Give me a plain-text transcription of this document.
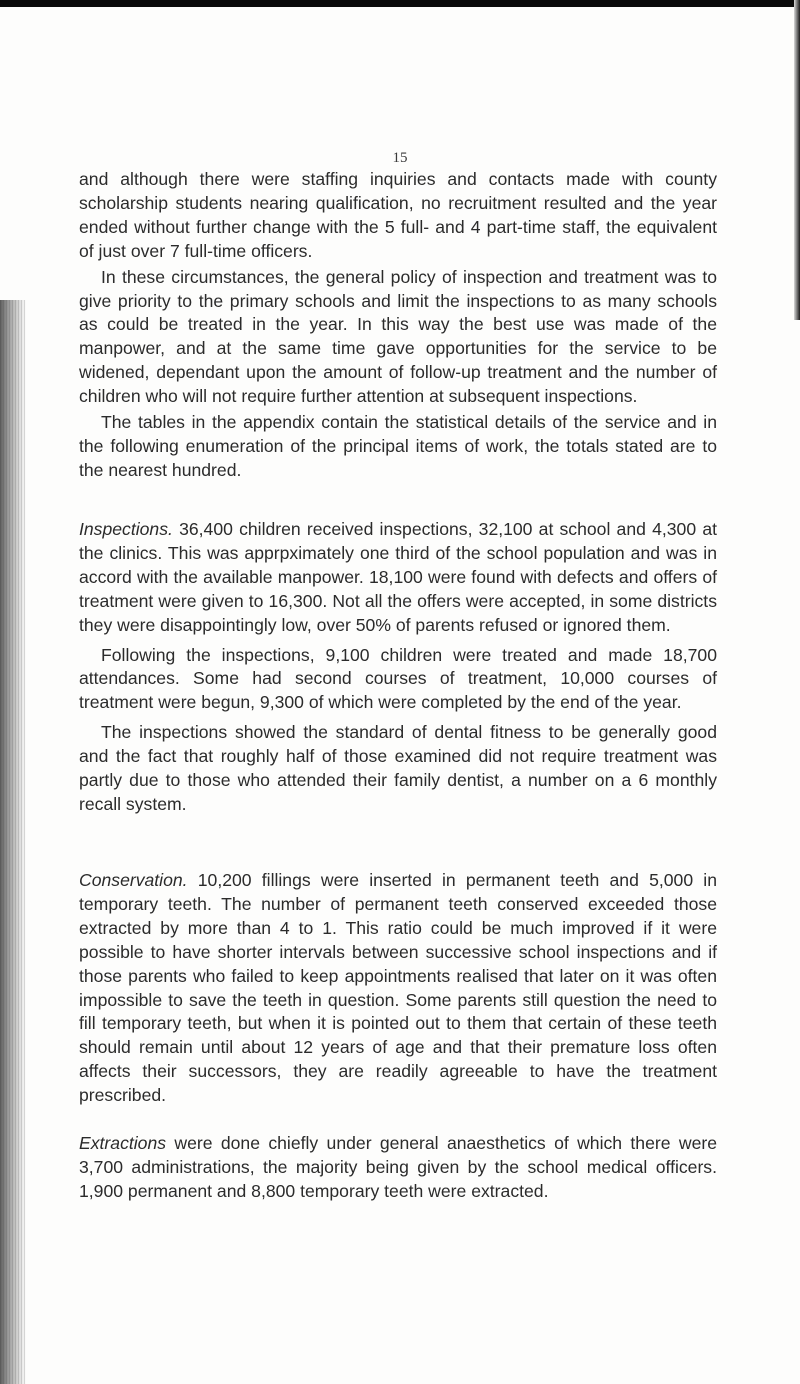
15

and although there were staffing inquiries and contacts made with county scholarship students nearing qualification, no recruitment resulted and the year ended without further change with the 5 full- and 4 part-time staff, the equivalent of just over 7 full-time officers.

In these circumstances, the general policy of inspection and treatment was to give priority to the primary schools and limit the inspections to as many schools as could be treated in the year. In this way the best use was made of the manpower, and at the same time gave opportunities for the service to be widened, dependant upon the amount of follow-up treatment and the number of children who will not require further attention at subsequent inspections.

The tables in the appendix contain the statistical details of the service and in the following enumeration of the principal items of work, the totals stated are to the nearest hundred.

Inspections. 36,400 children received inspections, 32,100 at school and 4,300 at the clinics. This was apprpximately one third of the school population and was in accord with the available manpower. 18,100 were found with defects and offers of treatment were given to 16,300. Not all the offers were accepted, in some districts they were disappointingly low, over 50% of parents refused or ignored them.

Following the inspections, 9,100 children were treated and made 18,700 attendances. Some had second courses of treatment, 10,000 courses of treatment were begun, 9,300 of which were completed by the end of the year.

The inspections showed the standard of dental fitness to be generally good and the fact that roughly half of those examined did not require treatment was partly due to those who attended their family dentist, a number on a 6 monthly recall system.

Conservation. 10,200 fillings were inserted in permanent teeth and 5,000 in temporary teeth. The number of permanent teeth conserved exceeded those extracted by more than 4 to 1. This ratio could be much improved if it were possible to have shorter intervals between successive school inspections and if those parents who failed to keep appointments realised that later on it was often impossible to save the teeth in question. Some parents still question the need to fill temporary teeth, but when it is pointed out to them that certain of these teeth should remain until about 12 years of age and that their premature loss often affects their successors, they are readily agreeable to have the treatment prescribed.

Extractions were done chiefly under general anaesthetics of which there were 3,700 administrations, the majority being given by the school medical officers. 1,900 permanent and 8,800 temporary teeth were extracted.
